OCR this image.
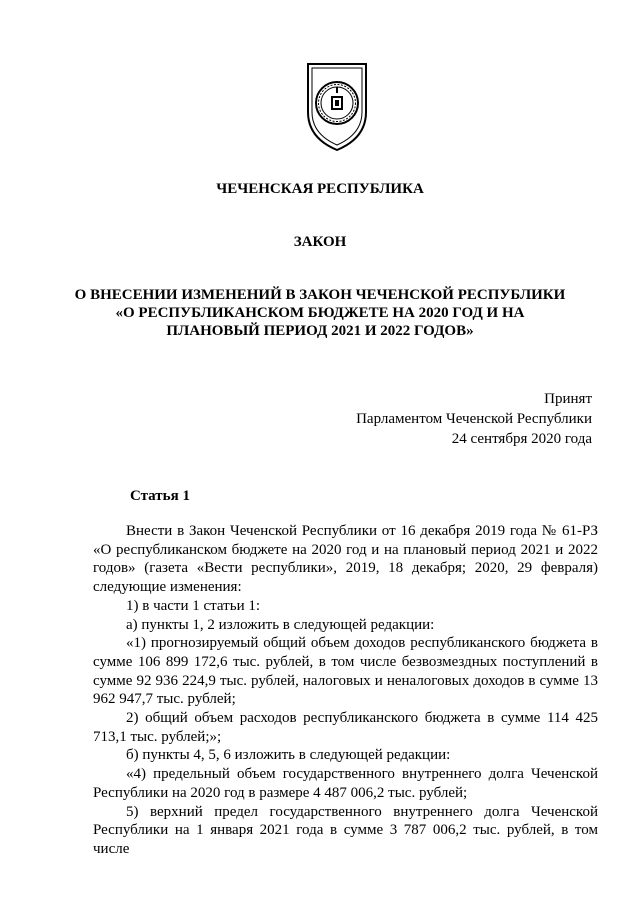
ЧЕЧЕНСКАЯ РЕСПУБЛИКА
ЗАКОН
О ВНЕСЕНИИ ИЗМЕНЕНИЙ В ЗАКОН ЧЕЧЕНСКОЙ РЕСПУБЛИКИ
«О РЕСПУБЛИКАНСКОМ БЮДЖЕТЕ НА 2020 ГОД И НА
ПЛАНОВЫЙ ПЕРИОД 2021 И 2022 ГОДОВ»
Принят
Парламентом Чеченской Республики
24 сентября 2020 года
Статья 1

Внести в Закон Чеченской Республики от 16 декабря 2019 года № 61-РЗ «О республиканском бюджете на 2020 год и на плановый период 2021 и 2022 годов» (газета «Вести республики», 2019, 18 декабря; 2020, 29 февраля) следующие изменения:

1) в части 1 статьи 1:

а) пункты 1, 2 изложить в следующей редакции:

«1) прогнозируемый общий объем доходов республиканского бюджета в сумме 106 899 172,6 тыс. рублей, в том числе безвозмездных поступлений в сумме 92 936 224,9 тыс. рублей, налоговых и неналоговых доходов в сумме 13 962 947,7 тыс. рублей;

2) общий объем расходов республиканского бюджета в сумме 114 425 713,1 тыс. рублей;»;

б) пункты 4, 5, 6 изложить в следующей редакции:

«4) предельный объем государственного внутреннего долга Чеченской Республики на 2020 год в размере 4 487 006,2 тыс. рублей;

5) верхний предел государственного внутреннего долга Чеченской Республики на 1 января 2021 года в сумме 3 787 006,2 тыс. рублей, в том числе
